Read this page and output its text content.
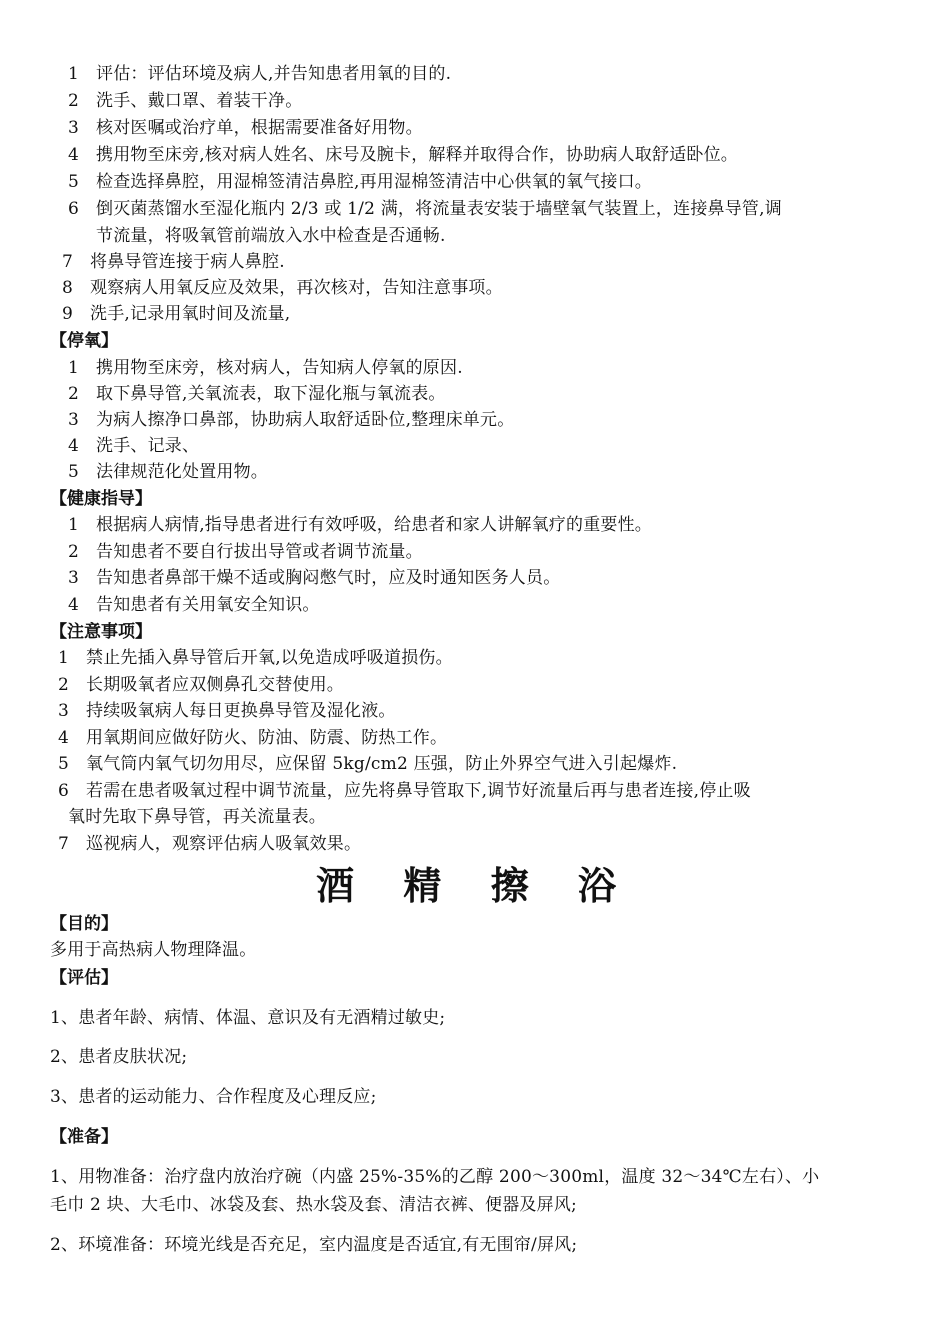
1 评估：评估环境及病人,并告知患者用氧的目的.
2 洗手、戴口罩、着装干净。
3 核对医嘱或治疗单，根据需要准备好用物。
4 携用物至床旁,核对病人姓名、床号及腕卡，解释并取得合作，协助病人取舒适卧位。
5 检查选择鼻腔，用湿棉签清洁鼻腔,再用湿棉签清洁中心供氧的氧气接口。
6 倒灭菌蒸馏水至湿化瓶内 2/3 或 1/2 满，将流量表安装于墙壁氧气装置上，连接鼻导管,调
节流量，将吸氧管前端放入水中检查是否通畅.
7 将鼻导管连接于病人鼻腔.
8 观察病人用氧反应及效果，再次核对，告知注意事项。
9 洗手,记录用氧时间及流量,
【停氧】
1 携用物至床旁，核对病人，告知病人停氧的原因.
2 取下鼻导管,关氧流表，取下湿化瓶与氧流表。
3 为病人擦净口鼻部，协助病人取舒适卧位,整理床单元。
4 洗手、记录、
5 法律规范化处置用物。
【健康指导】
1 根据病人病情,指导患者进行有效呼吸，给患者和家人讲解氧疗的重要性。
2 告知患者不要自行拔出导管或者调节流量。
3 告知患者鼻部干燥不适或胸闷憋气时，应及时通知医务人员。
4 告知患者有关用氧安全知识。
【注意事项】
1 禁止先插入鼻导管后开氧,以免造成呼吸道损伤。
2 长期吸氧者应双侧鼻孔交替使用。
3 持续吸氧病人每日更换鼻导管及湿化液。
4 用氧期间应做好防火、防油、防震、防热工作。
5 氧气筒内氧气切勿用尽，应保留 5kg/cm2 压强，防止外界空气进入引起爆炸.
6 若需在患者吸氧过程中调节流量，应先将鼻导管取下,调节好流量后再与患者连接,停止吸
氧时先取下鼻导管，再关流量表。
7 巡视病人，观察评估病人吸氧效果。
酒 精 擦 浴
【目的】
多用于高热病人物理降温。
【评估】
1、患者年龄、病情、体温、意识及有无酒精过敏史;
2、患者皮肤状况;
3、患者的运动能力、合作程度及心理反应;
【准备】
1、用物准备：治疗盘内放治疗碗（内盛 25%-35%的乙醇 200～300ml，温度 32～34℃左右）、小
毛巾 2 块、大毛巾、冰袋及套、热水袋及套、清洁衣裤、便器及屏风;
2、环境准备：环境光线是否充足，室内温度是否适宜,有无围帘/屏风;
